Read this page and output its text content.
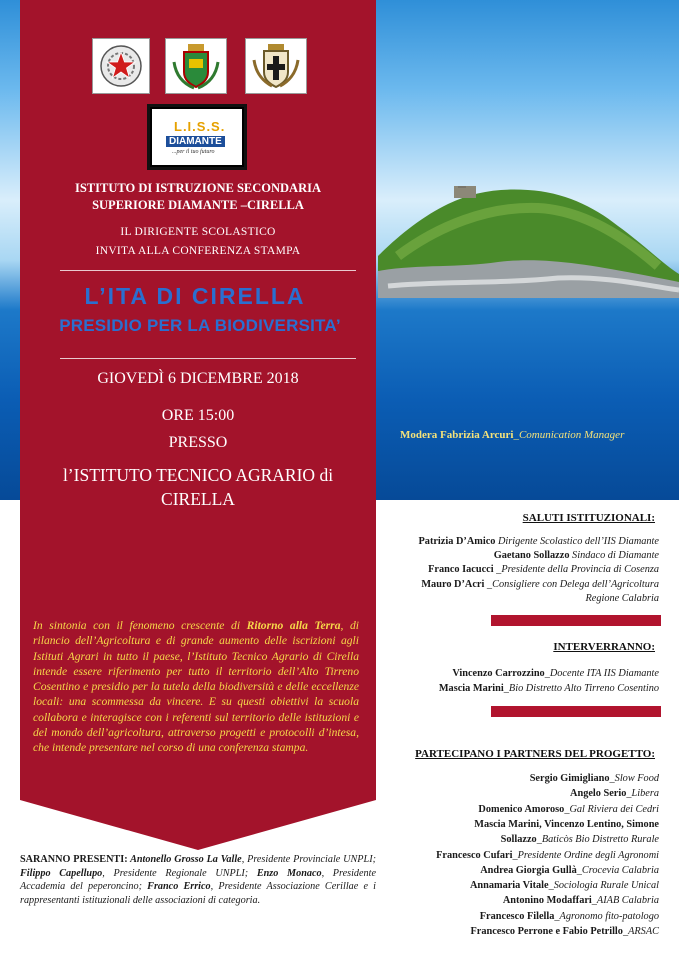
L.I.S.S.
DIAMANTE
...per il tuo futuro
ISTITUTO DI ISTRUZIONE SECONDARIA
SUPERIORE DIAMANTE –CIRELLA
IL DIRIGENTE SCOLASTICO
INVITA ALLA CONFERENZA STAMPA
L’ITA DI CIRELLA
PRESIDIO PER LA BIODIVERSITA’
GIOVEDÌ 6 DICEMBRE 2018
ORE 15:00
PRESSO
l’ISTITUTO TECNICO AGRARIO di
CIRELLA
Modera Fabrizia Arcuri_Comunication Manager
In sintonia con il fenomeno crescente di Ritorno alla Terra, di rilancio dell’Agricoltura e di grande aumento delle iscrizioni agli Istituti Agrari in tutto il paese, l’Istituto Tecnico Agrario di Cirella intende essere riferimento per tutto il territorio dell’Alto Tirreno Cosentino e presidio per la tutela della biodiversità e delle eccellenze locali: una scommessa da vincere. E su questi obiettivi la scuola collabora e interagisce con i referenti sul territorio delle istituzioni e del mondo dell’agricoltura, attraverso progetti e protocolli d’intesa, che intende presentare nel corso di una conferenza stampa.
SALUTI ISTITUZIONALI:
Patrizia D’Amico Dirigente Scolastico dell’IIS Diamante
Gaetano Sollazzo Sindaco di Diamante
Franco Iacucci _Presidente della Provincia di Cosenza
Mauro D’Acri _Consigliere con Delega dell’Agricoltura
Regione Calabria
INTERVERRANNO:
Vincenzo Carrozzino_Docente ITA IIS Diamante
Mascia Marini_Bio Distretto Alto Tirreno Cosentino
PARTECIPANO I PARTNERS DEL PROGETTO:
Sergio Gimigliano_Slow Food
Angelo Serio_Libera
Domenico Amoroso_Gal Riviera dei Cedri
Mascia Marini, Vincenzo Lentino, Simone
Sollazzo_Baticòs Bio Distretto Rurale
Francesco Cufari_Presidente Ordine degli Agronomi
Andrea Giorgia Gullà_Crocevia Calabria
Annamaria Vitale_Sociologia Rurale Unical
Antonino Modaffari_AIAB Calabria
Francesco Filella_Agronomo fito-patologo
Francesco Perrone e Fabio Petrillo_ARSAC
SARANNO PRESENTI: Antonello Grosso La Valle, Presidente Provinciale UNPLI; Filippo Capellupo, Presidente Regionale UNPLI; Enzo Monaco, Presidente Accademia del peperoncino; Franco Errico, Presidente Associazione Cerillae e i rappresentanti istituzionali delle associazioni di categoria.
